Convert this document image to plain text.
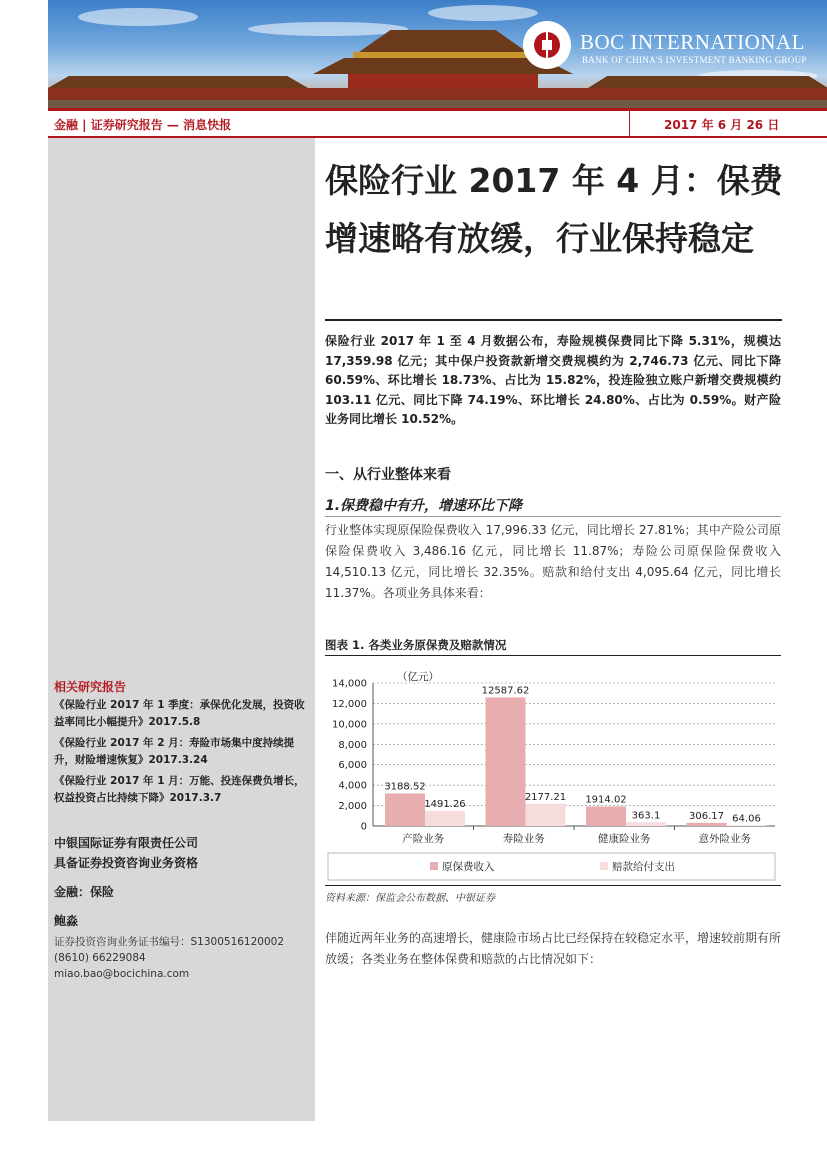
BOC INTERNATIONAL
BANK OF CHINA'S INVESTMENT BANKING GROUP
金融 | 证券研究报告 — 消息快报	2017 年 6 月 26 日
相关研究报告
《保险行业 2017 年 1 季度：承保优化发展，投资收益率同比小幅提升》2017.5.8
《保险行业 2017 年 2 月：寿险市场集中度持续提升，财险增速恢复》2017.3.24
《保险行业 2017 年 1 月：万能、投连保费负增长，权益投资占比持续下降》2017.3.7
中银国际证券有限责任公司
具备证券投资咨询业务资格
金融：保险
鲍淼
证券投资咨询业务证书编号：S1300516120002
(8610) 66229084
miao.bao@bocichina.com
保险行业 2017 年 4 月：保费增速略有放缓，行业保持稳定
保险行业 2017 年 1 至 4 月数据公布，寿险规模保费同比下降 5.31%，规模达 17,359.98 亿元；其中保户投资款新增交费规模约为 2,746.73 亿元、同比下降 60.59%、环比增长 18.73%、占比为 15.82%，投连险独立账户新增交费规模约 103.11 亿元、同比下降 74.19%、环比增长 24.80%、占比为 0.59%。财产险业务同比增长 10.52%。
一、从行业整体来看
1.保费稳中有升，增速环比下降
行业整体实现原保险保费收入 17,996.33 亿元，同比增长 27.81%；其中产险公司原保险保费收入 3,486.16 亿元，同比增长 11.87%；寿险公司原保险保费收入 14,510.13 亿元，同比增长 32.35%。赔款和给付支出 4,095.64 亿元，同比增长 11.37%。各项业务具体来看：
图表 1. 各类业务原保费及赔款情况
0
2,000
4,000
6,000
8,000
10,000
12,000
14,000
3188.52
1491.26
12587.62
2177.21 1914.02
363.1	306.17 64.06
产险业务	寿险业务	健康险业务	意外险业务
（亿元）
原保费收入	赔款给付支出
资料来源：保监会公布数据、中银证券
伴随近两年业务的高速增长，健康险市场占比已经保持在较稳定水平，增速较前期有所放缓；各类业务在整体保费和赔款的占比情况如下：
